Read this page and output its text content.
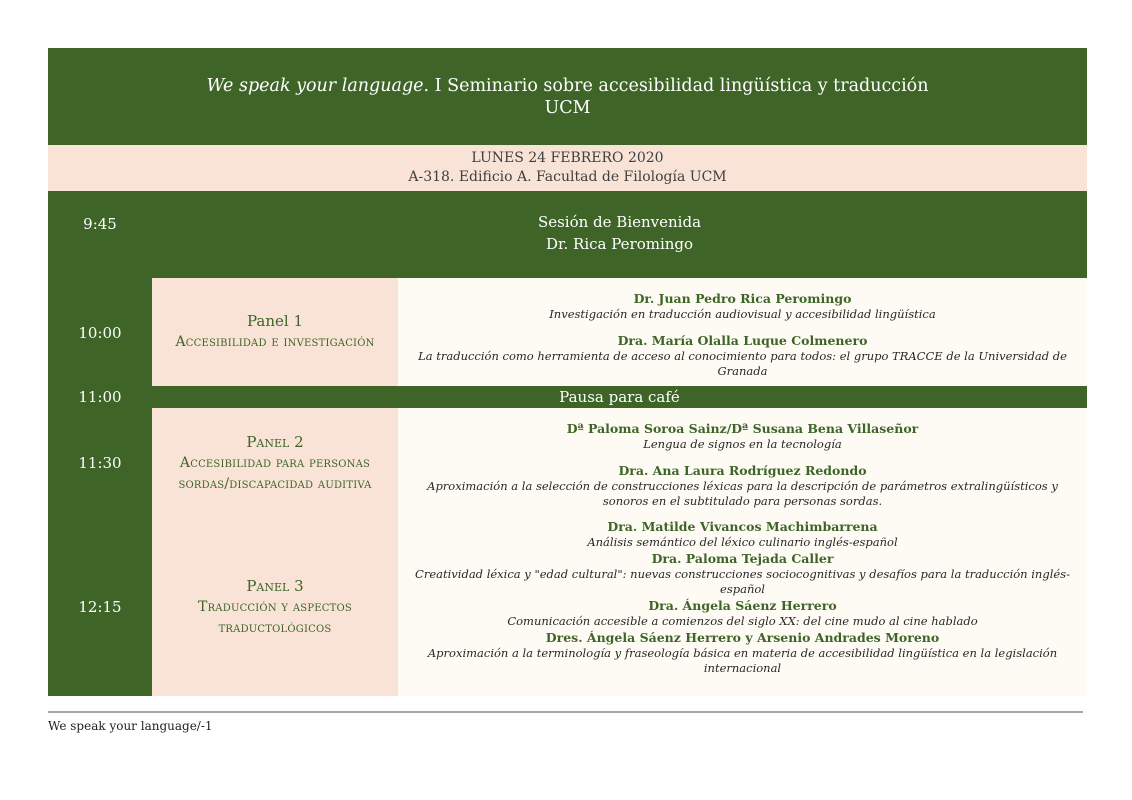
We speak your language. I Seminario sobre accesibilidad lingüística y traducción
UCM
LUNES 24 FEBRERO 2020
A-318. Edificio A. Facultad de Filología UCM
9:45	Sesión de Bienvenida
Dr. Rica Peromingo
10:00
Panel 1
Accesibilidad e investigación
Dr. Juan Pedro Rica Peromingo
Investigación en traducción audiovisual y accesibilidad lingüística
Dra. María Olalla Luque Colmenero
La traducción como herramienta de acceso al conocimiento para todos: el grupo TRACCE de la Universidad de Granada
11:00	Pausa para café
11:30
Panel 2
Accesibilidad para personas
sordas/discapacidad auditiva
Dª Paloma Soroa Sainz/Dª Susana Bena Villaseñor
Lengua de signos en la tecnología
Dra. Ana Laura Rodríguez Redondo
Aproximación a la selección de construcciones léxicas para la descripción de parámetros extralingüísticos y sonoros en el subtitulado para personas sordas.
12:15
Panel 3
Traducción y aspectos
traductológicos
Dra. Matilde Vivancos Machimbarrena
Análisis semántico del léxico culinario inglés-español
Dra. Paloma Tejada Caller
Creatividad léxica y "edad cultural": nuevas construcciones sociocognitivas y desafíos para la traducción inglés-español
Dra. Ángela Sáenz Herrero
Comunicación accesible a comienzos del siglo XX: del cine mudo al cine hablado
Dres. Ángela Sáenz Herrero y Arsenio Andrades Moreno
Aproximación a la terminología y fraseología básica en materia de accesibilidad lingüística en la legislación internacional
We speak your language/-1
